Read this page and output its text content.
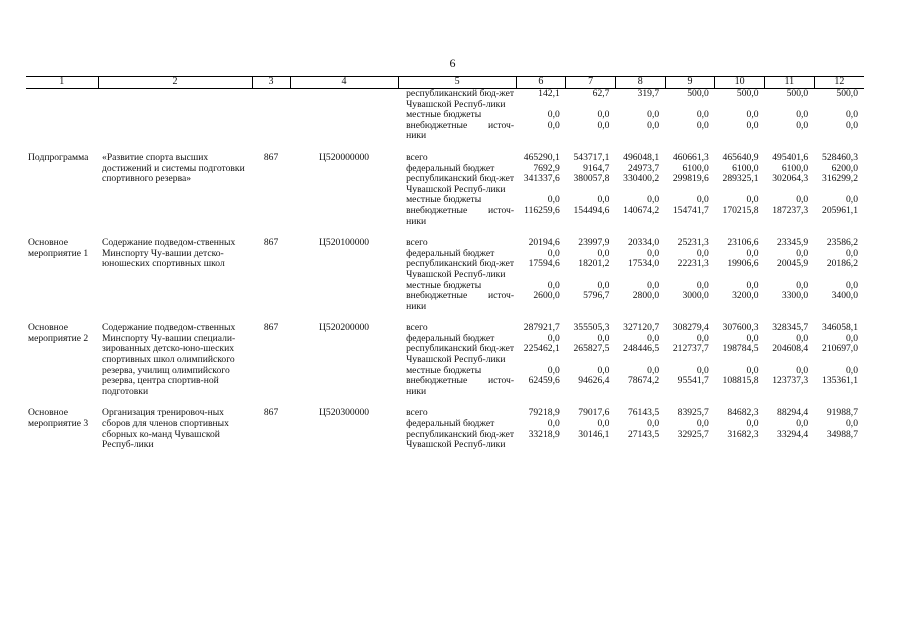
6
1	2	3	4	5	6	7	8	9	10	11	12
				республиканский бюд-жет Чувашской Респуб-лики	142,1	62,7	319,7	500,0	500,0	500,0	500,0
				местные бюджеты	0,0	0,0	0,0	0,0	0,0	0,0	0,0
				внебюджетные источ-ники	0,0	0,0	0,0	0,0	0,0	0,0	0,0

Подпрограмма	«Развитие спорта высших достижений и системы подготовки спортивного резерва»	867	Ц520000000	всего	465290,1	543717,1	496048,1	460661,3	465640,9	495401,6	528460,3
				федеральный бюджет	7692,9	9164,7	24973,7	6100,0	6100,0	6100,0	6200,0
				республиканский бюд-жет Чувашской Респуб-лики	341337,6	380057,8	330400,2	299819,6	289325,1	302064,3	316299,2
				местные бюджеты	0,0	0,0	0,0	0,0	0,0	0,0	0,0
				внебюджетные источ-ники	116259,6	154494,6	140674,2	154741,7	170215,8	187237,3	205961,1

Основное мероприятие 1	Содержание подведом-ственных Минспорту Чу-вашии детско-юношеских спортивных школ	867	Ц520100000	всего	20194,6	23997,9	20334,0	25231,3	23106,6	23345,9	23586,2
				федеральный бюджет	0,0	0,0	0,0	0,0	0,0	0,0	0,0
				республиканский бюд-жет Чувашской Респуб-лики	17594,6	18201,2	17534,0	22231,3	19906,6	20045,9	20186,2
				местные бюджеты	0,0	0,0	0,0	0,0	0,0	0,0	0,0
				внебюджетные источ-ники	2600,0	5796,7	2800,0	3000,0	3200,0	3300,0	3400,0

Основное мероприятие 2	Содержание подведом-ственных Минспорту Чу-вашии специали-зированных детско-юно-шеских спортивных школ олимпийского резерва, училищ олимпийского резерва, центра спортив-ной подготовки	867	Ц520200000	всего	287921,7	355505,3	327120,7	308279,4	307600,3	328345,7	346058,1
				федеральный бюджет	0,0	0,0	0,0	0,0	0,0	0,0	0,0
				республиканский бюд-жет Чувашской Респуб-лики	225462,1	265827,5	248446,5	212737,7	198784,5	204608,4	210697,0
				местные бюджеты	0,0	0,0	0,0	0,0	0,0	0,0	0,0
				внебюджетные источ-ники	62459,6	94626,4	78674,2	95541,7	108815,8	123737,3	135361,1

Основное мероприятие 3	Организация тренировоч-ных сборов для членов спортивных сборных ко-манд Чувашской Респуб-лики	867	Ц520300000	всего	79218,9	79017,6	76143,5	83925,7	84682,3	88294,4	91988,7
				федеральный бюджет	0,0	0,0	0,0	0,0	0,0	0,0	0,0
				республиканский бюд-жет Чувашской Респуб-лики	33218,9	30146,1	27143,5	32925,7	31682,3	33294,4	34988,7
